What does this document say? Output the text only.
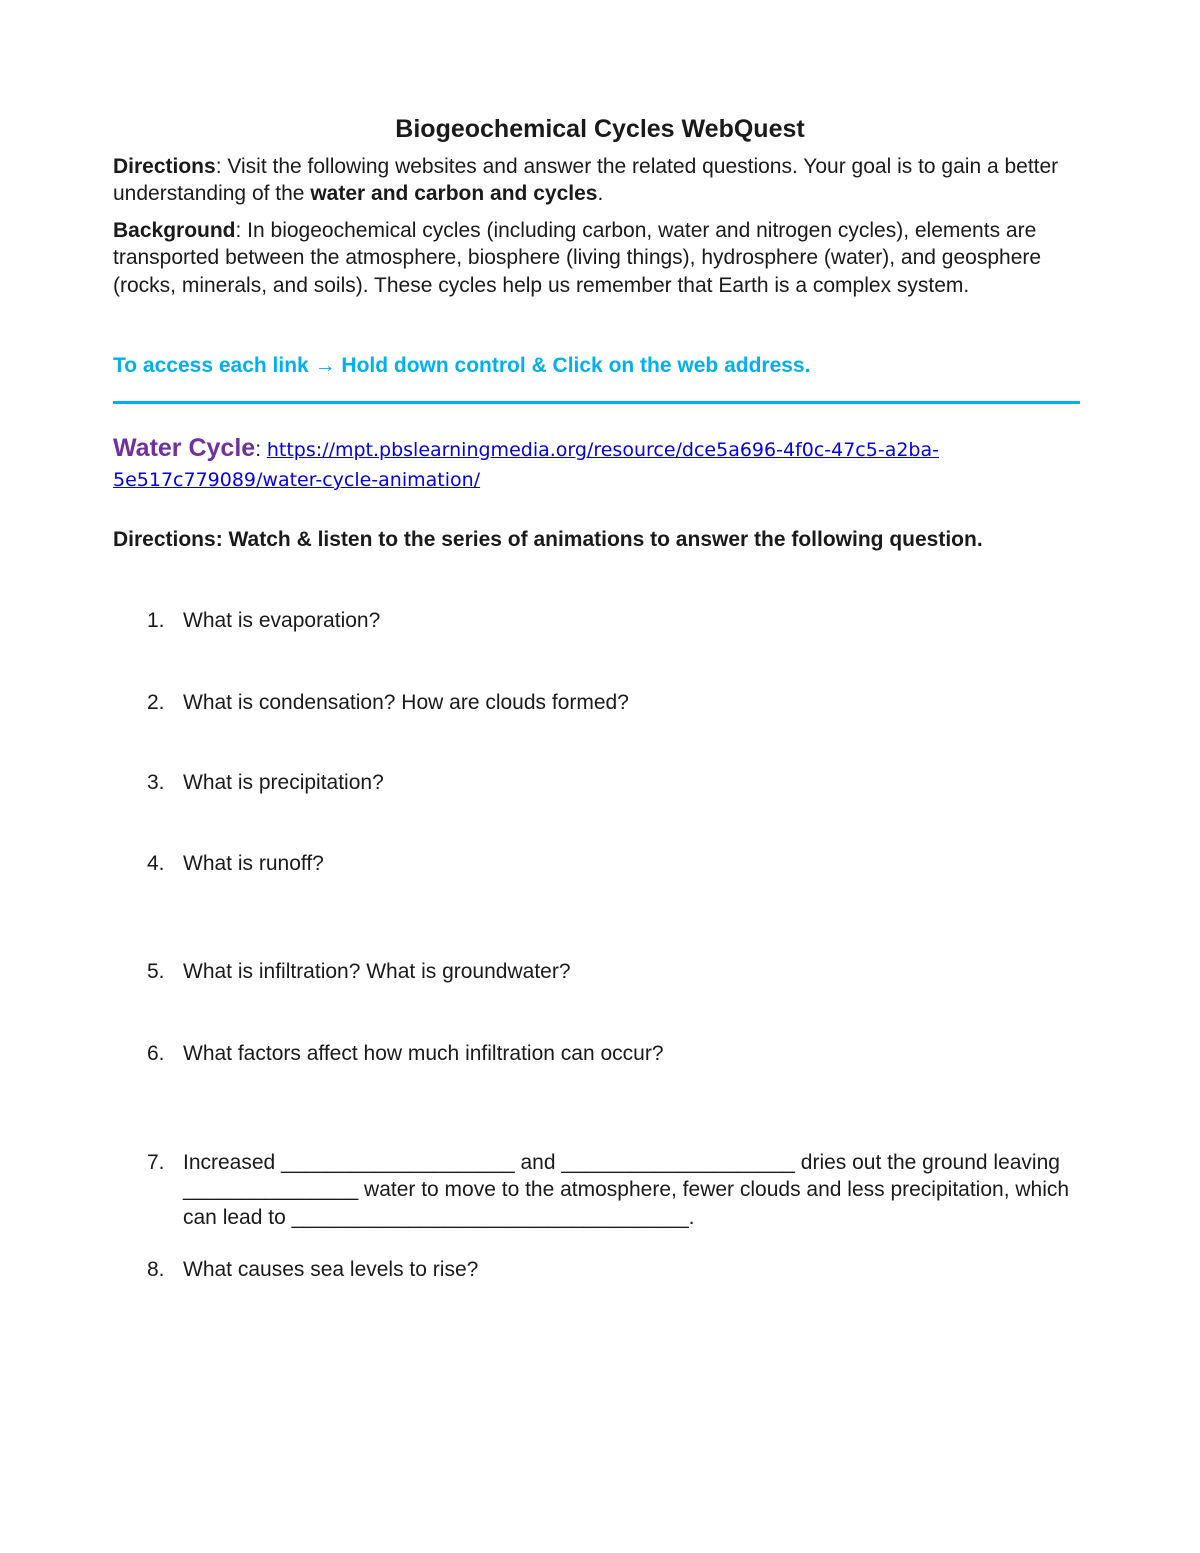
Biogeochemical Cycles WebQuest
Directions: Visit the following websites and answer the related questions. Your goal is to gain a better understanding of the water and carbon and cycles.
Background: In biogeochemical cycles (including carbon, water and nitrogen cycles), elements are transported between the atmosphere, biosphere (living things), hydrosphere (water), and geosphere (rocks, minerals, and soils). These cycles help us remember that Earth is a complex system.
To access each link → Hold down control & Click on the web address.
Water Cycle: https://mpt.pbslearningmedia.org/resource/dce5a696-4f0c-47c5-a2ba-
5e517c779089/water-cycle-animation/
Directions: Watch & listen to the series of animations to answer the following question.
1. What is evaporation?
2. What is condensation? How are clouds formed?
3. What is precipitation?
4. What is runoff?
5. What is infiltration? What is groundwater?
6. What factors affect how much infiltration can occur?
7. Increased ____________________ and ____________________ dries out the ground leaving _______________ water to move to the atmosphere, fewer clouds and less precipitation, which can lead to __________________________________.
8. What causes sea levels to rise?
